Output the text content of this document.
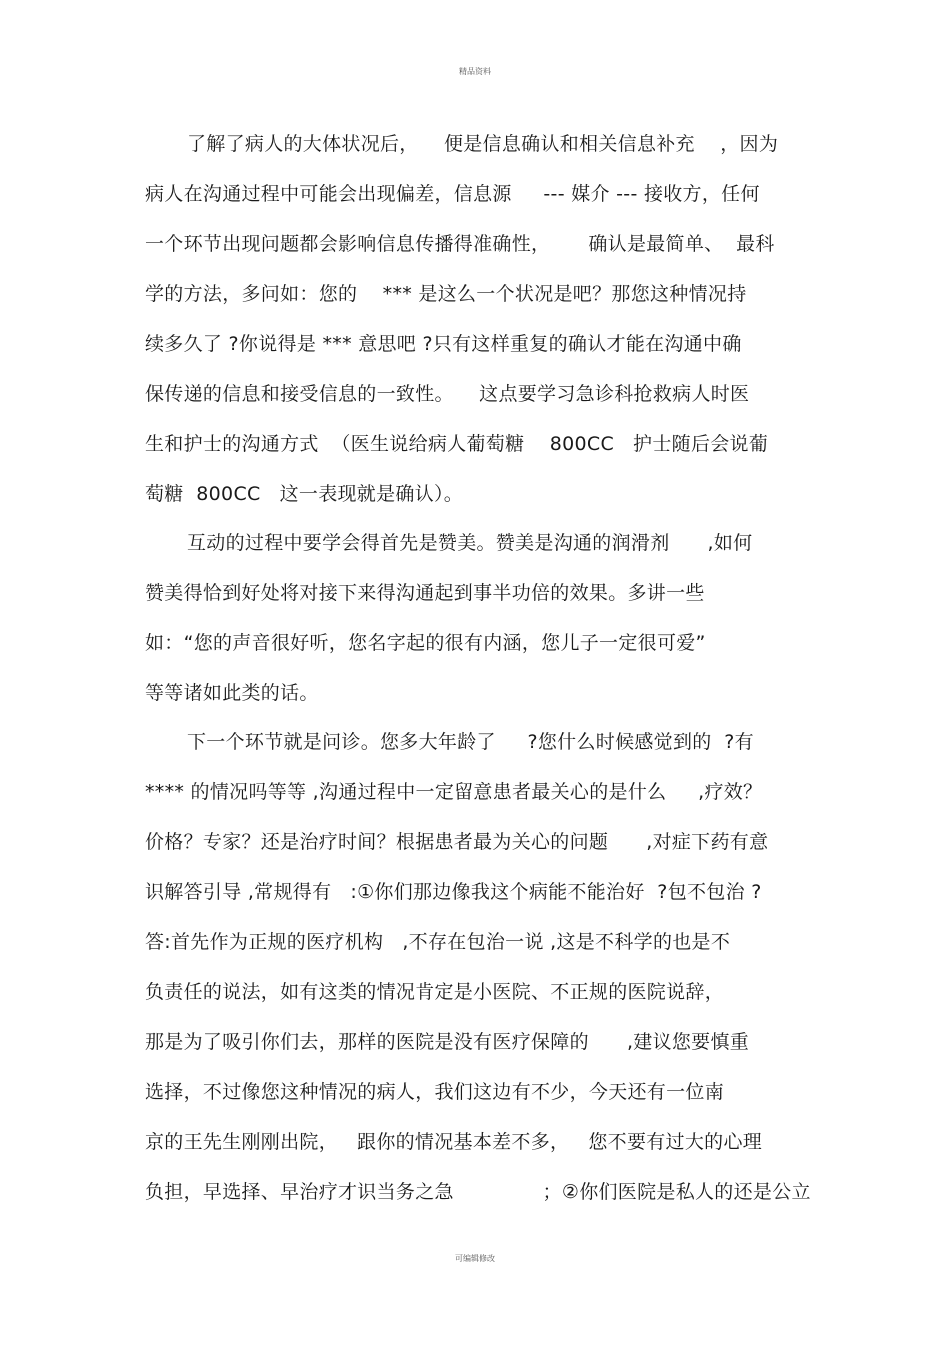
精品资料
了解了病人的大体状况后，    便是信息确认和相关信息补充    ，因为
病人在沟通过程中可能会出现偏差，信息源     --- 媒介 --- 接收方，任何
一个环节出现问题都会影响信息传播得准确性，      确认是最简单、  最科
学的方法，多问如：您的    *** 是这么一个状况是吧？那您这种情况持
续多久了 ?你说得是 *** 意思吧 ?只有这样重复的确认才能在沟通中确
保传递的信息和接受信息的一致性。    这点要学习急诊科抢救病人时医
生和护士的沟通方式  （医生说给病人葡萄糖    800CC   护士随后会说葡
萄糖  800CC   这一表现就是确认）。
互动的过程中要学会得首先是赞美。赞美是沟通的润滑剂      ,如何
赞美得恰到好处将对接下来得沟通起到事半功倍的效果。多讲一些
如：“您的声音很好听，您名字起的很有内涵，您儿子一定很可爱”
等等诸如此类的话。
下一个环节就是问诊。您多大年龄了     ?您什么时候感觉到的  ?有
**** 的情况吗等等 ,沟通过程中一定留意患者最关心的是什么     ,疗效？
价格？专家？还是治疗时间？根据患者最为关心的问题      ,对症下药有意
识解答引导 ,常规得有   :①你们那边像我这个病能不能治好  ?包不包治 ?
答:首先作为正规的医疗机构   ,不存在包治一说 ,这是不科学的也是不
负责任的说法，如有这类的情况肯定是小医院、不正规的医院说辞，
那是为了吸引你们去，那样的医院是没有医疗保障的      ,建议您要慎重
选择，不过像您这种情况的病人，我们这边有不少，今天还有一位南
京的王先生刚刚出院，   跟你的情况基本差不多，   您不要有过大的心理
负担，早选择、早治疗才识当务之急              ；②你们医院是私人的还是公立
可编辑修改
